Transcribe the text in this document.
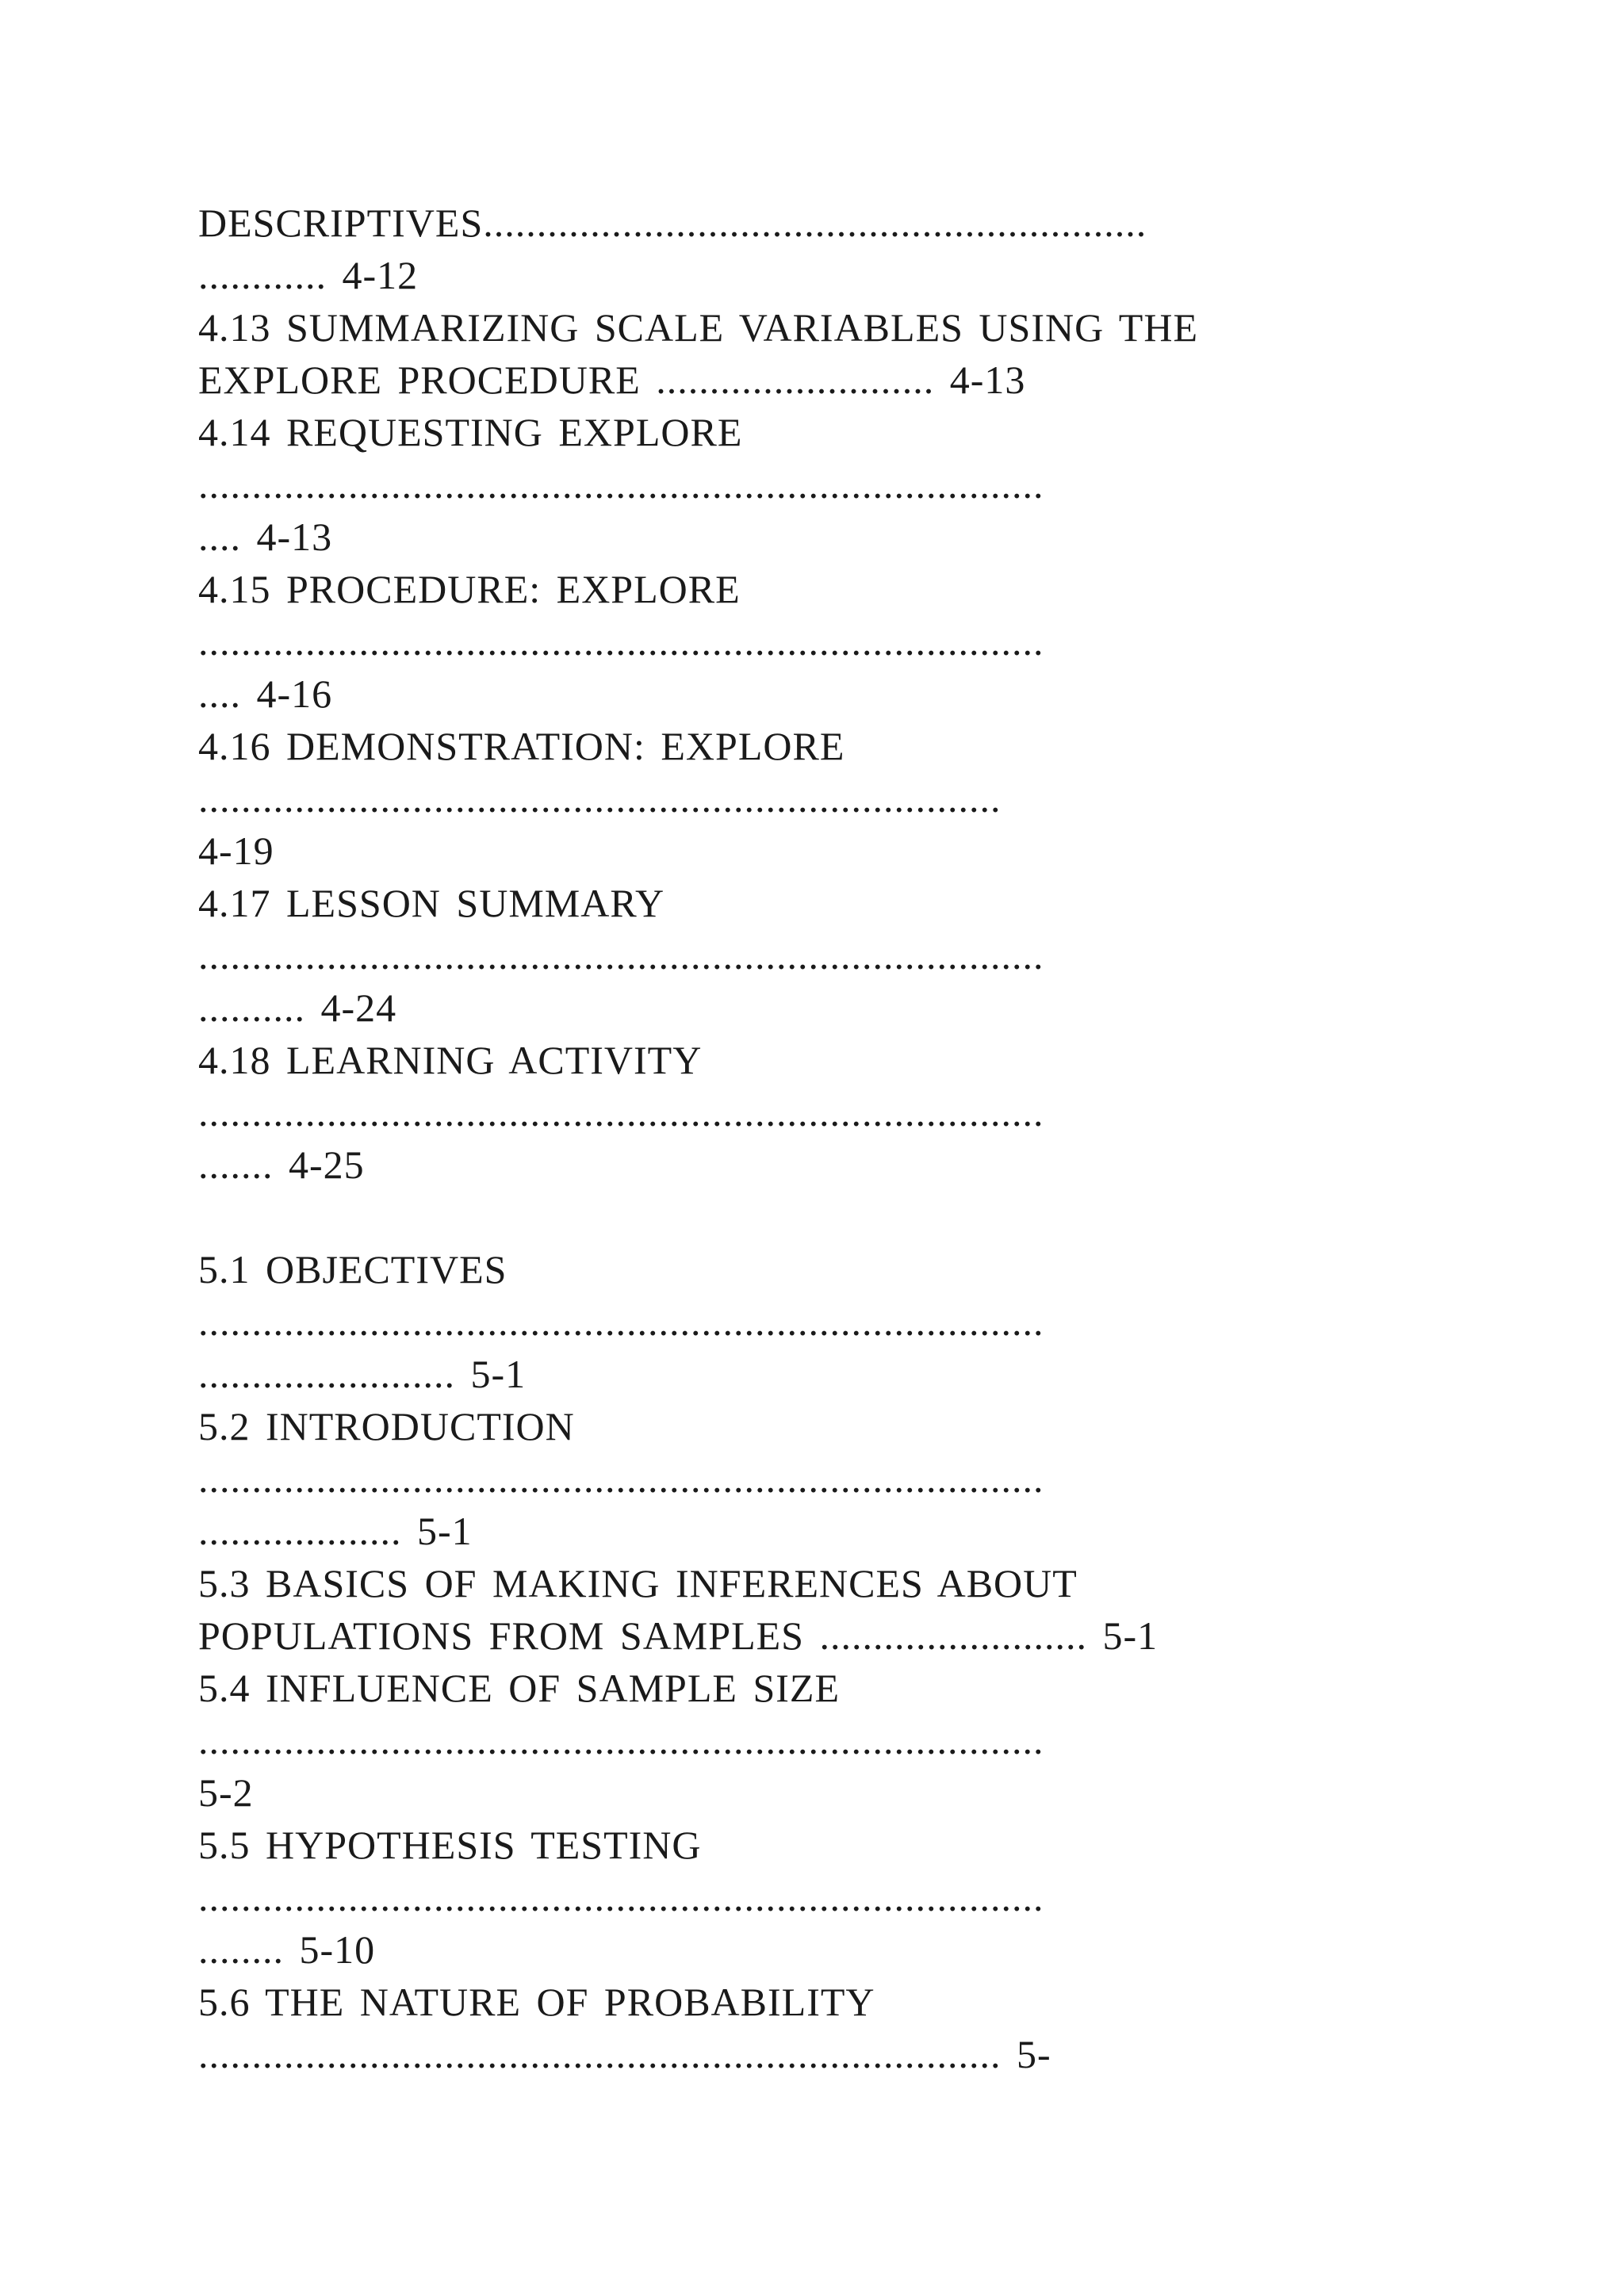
DESCRIPTIVES..............................................................
............ 4-12
4.13 SUMMARIZING SCALE VARIABLES USING THE
EXPLORE PROCEDURE .......................... 4-13
4.14 REQUESTING EXPLORE
...............................................................................
.... 4-13
4.15 PROCEDURE: EXPLORE
...............................................................................
.... 4-16
4.16 DEMONSTRATION: EXPLORE
...........................................................................
4-19
4.17 LESSON SUMMARY
...............................................................................
.......... 4-24
4.18 LEARNING ACTIVITY
...............................................................................
....... 4-25
5.1 OBJECTIVES
...............................................................................
........................ 5-1
5.2 INTRODUCTION
...............................................................................
................... 5-1
5.3 BASICS OF MAKING INFERENCES ABOUT
POPULATIONS FROM SAMPLES ......................... 5-1
5.4 INFLUENCE OF SAMPLE SIZE
...............................................................................
5-2
5.5 HYPOTHESIS TESTING
...............................................................................
........ 5-10
5.6 THE NATURE OF PROBABILITY
........................................................................... 5-
